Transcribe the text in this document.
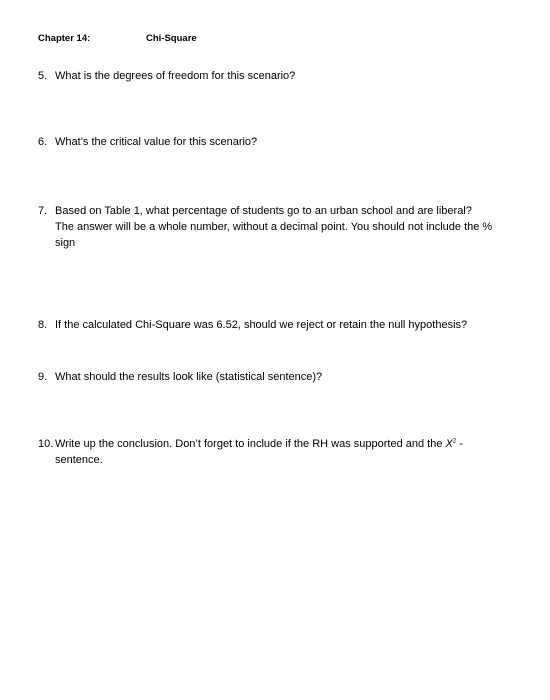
Chapter 14:	Chi-Square
5. What is the degrees of freedom for this scenario?

6. What’s the critical value for this scenario?

7. Based on Table 1, what percentage of students go to an urban school and are liberal?

The answer will be a whole number, without a decimal point. You should not include the % sign

8. If the calculated Chi-Square was 6.52, should we reject or retain the null hypothesis?

9. What should the results look like (statistical sentence)?

10. Write up the conclusion. Don’t forget to include if the RH was supported and the $X^2$ - sentence.
